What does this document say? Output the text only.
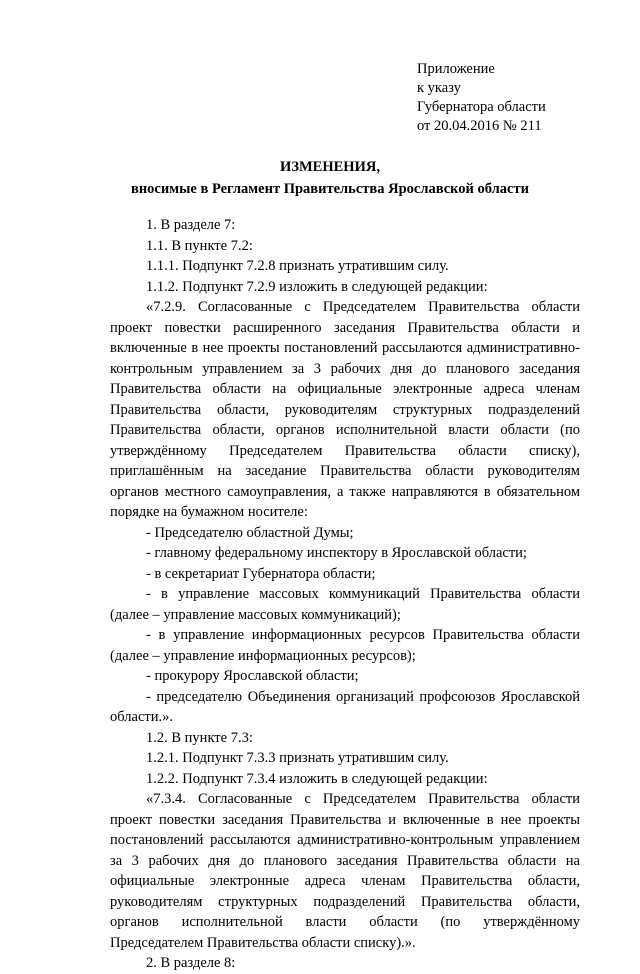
Приложение
к указу
Губернатора области
от 20.04.2016 № 211
ИЗМЕНЕНИЯ,
вносимые в Регламент Правительства Ярославской области

1. В разделе 7:

1.1. В пункте 7.2:

1.1.1. Подпункт 7.2.8 признать утратившим силу.

1.1.2. Подпункт 7.2.9 изложить в следующей редакции:

«7.2.9. Согласованные с Председателем Правительства области проект повестки расширенного заседания Правительства области и включенные в нее проекты постановлений рассылаются административно-контрольным управлением за 3 рабочих дня до планового заседания Правительства области на официальные электронные адреса членам Правительства области, руководителям структурных подразделений Правительства области, органов исполнительной власти области (по утверждённому Председателем Правительства области списку), приглашённым на заседание Правительства области руководителям органов местного самоуправления, а также направляются в обязательном порядке на бумажном носителе:

- Председателю областной Думы;

- главному федеральному инспектору в Ярославской области;

- в секретариат Губернатора области;

- в управление массовых коммуникаций Правительства области (далее – управление массовых коммуникаций);

- в управление информационных ресурсов Правительства области (далее – управление информационных ресурсов);

- прокурору Ярославской области;

- председателю Объединения организаций профсоюзов Ярославской области.».

1.2. В пункте 7.3:

1.2.1. Подпункт 7.3.3 признать утратившим силу.

1.2.2. Подпункт 7.3.4 изложить в следующей редакции:

«7.3.4. Согласованные с Председателем Правительства области проект повестки заседания Правительства и включенные в нее проекты постановлений рассылаются административно-контрольным управлением за 3 рабочих дня до планового заседания Правительства области на официальные электронные адреса членам Правительства области, руководителям структурных подразделений Правительства области, органов исполнительной власти области (по утверждённому Председателем Правительства области списку).».

2. В разделе 8:
